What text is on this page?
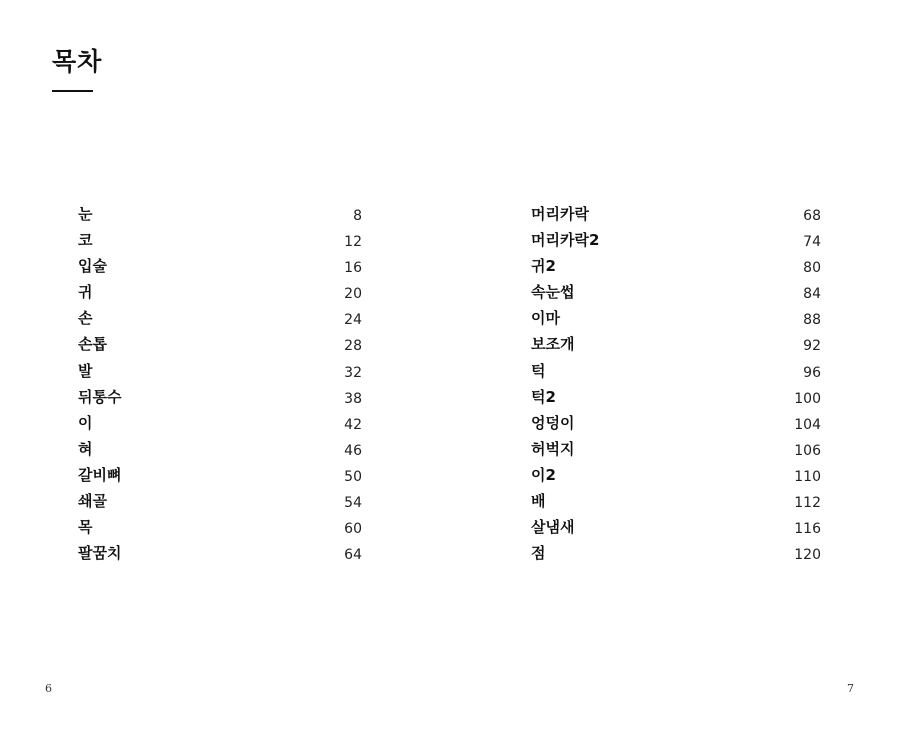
목차
눈	8
코	12
입술	16
귀	20
손	24
손톱	28
발	32
뒤통수	38
이	42
혀	46
갈비뼈	50
쇄골	54
목	60
팔꿈치	64
머리카락	68
머리카락2	74
귀2	80
속눈썹	84
이마	88
보조개	92
턱	96
턱2	100
엉덩이	104
허벅지	106
이2	110
배	112
살냄새	116
점	120
6	7
